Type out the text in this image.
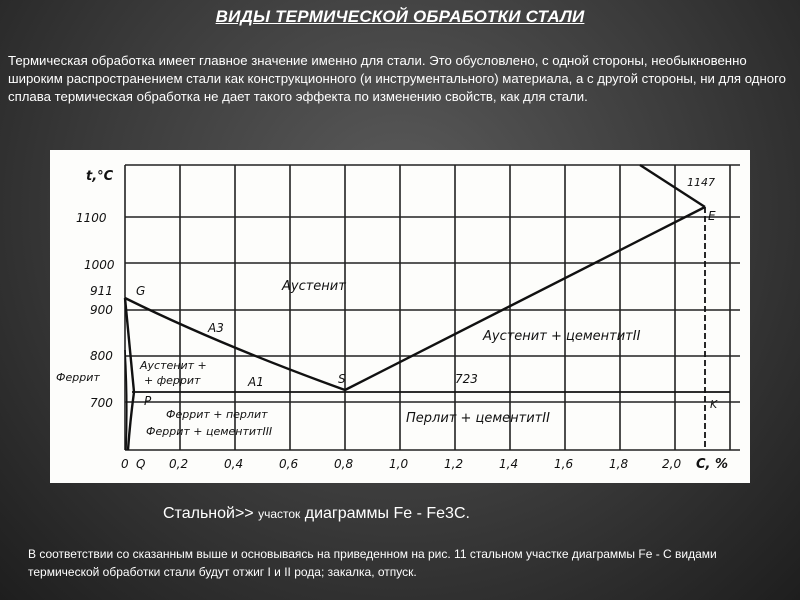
ВИДЫ ТЕРМИЧЕСКОЙ ОБРАБОТКИ СТАЛИ
Термическая обработка имеет главное значение именно для стали. Это обусловлено, с одной стороны, необыкновенно широким распространением стали как конструкционного (и инструментального) материала, а с другой стороны, ни для одного сплава термическая обработка не дает такого эффекта по изменению свойств, как для стали.
t,°C
1100
1000
911
900
800
Феррит
700
0 Q 0,2	0,4	0,6	0,8	1,0	1,2	1,4	1,6	1,8	2,0 C, %
G
S
E
P	K
1147
723
A3
A1
Аустенит
Аустенит + цементитII
Аустенит +
+ феррит
Феррит + перлит
Феррит + цементитIII
Перлит + цементитII
Стальной>> участок диаграммы Fe - Fe3C.
В соответствии со сказанным выше и основываясь на приведенном на рис. 11 стальном участке диаграммы Fe - C видами термической обработки стали будут отжиг I и II рода; закалка, отпуск.
